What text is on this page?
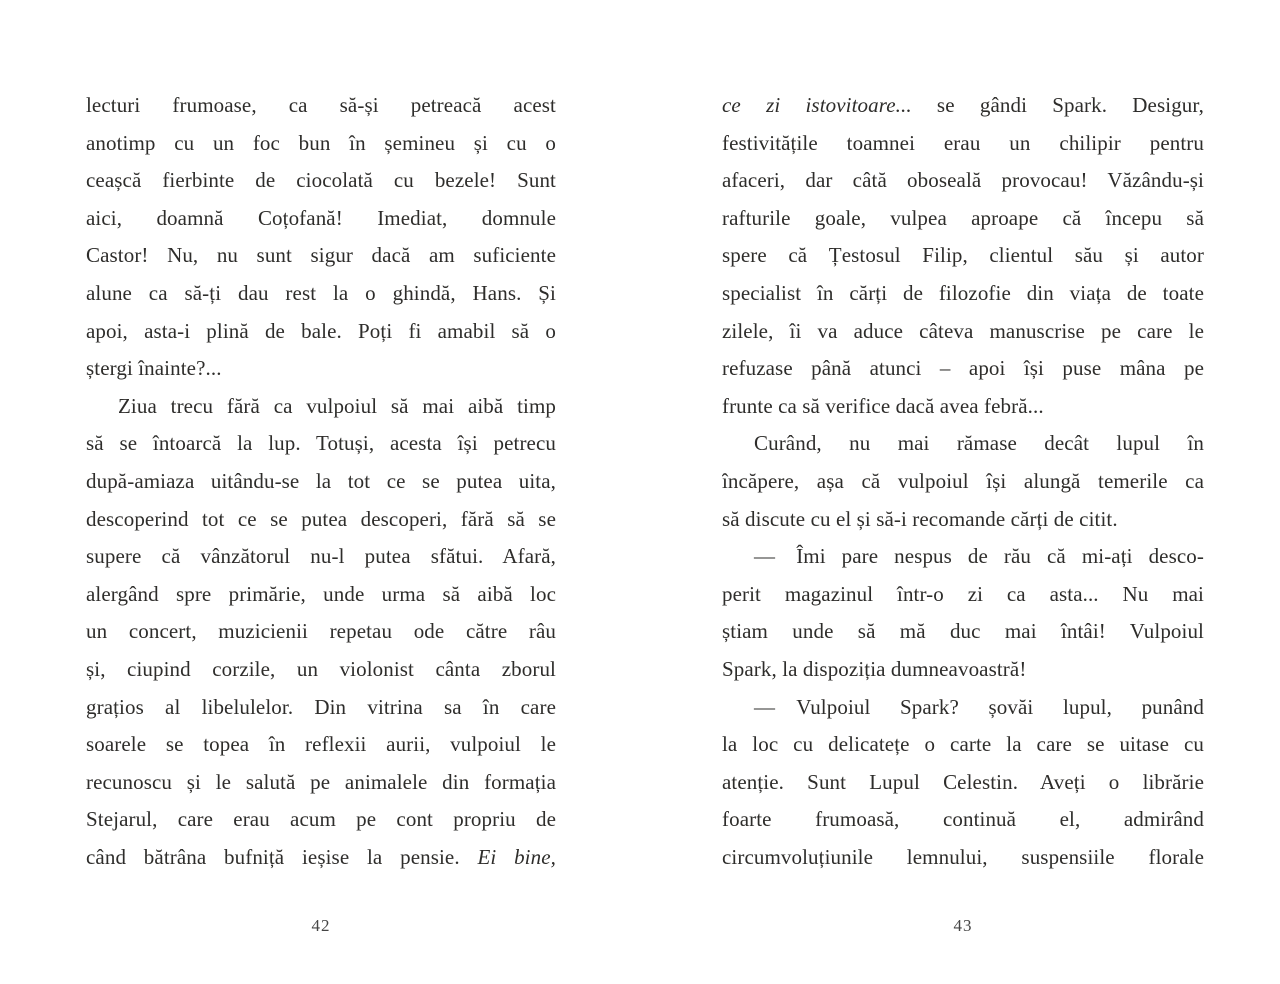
lecturi frumoase, ca să-și petreacă acest
anotimp cu un foc bun în șemineu și cu o
ceașcă fierbinte de ciocolată cu bezele! Sunt
aici, doamnă Coțofană! Imediat, domnule
Castor! Nu, nu sunt sigur dacă am suficiente
alune ca să-ți dau rest la o ghindă, Hans. Și
apoi, asta-i plină de bale. Poți fi amabil să o
ștergi înainte?...
Ziua trecu fără ca vulpoiul să mai aibă timp
să se întoarcă la lup. Totuși, acesta își petrecu
după-amiaza uitându-se la tot ce se putea uita,
descoperind tot ce se putea descoperi, fără să se
supere că vânzătorul nu-l putea sfătui. Afară,
alergând spre primărie, unde urma să aibă loc
un concert, muzicienii repetau ode către râu
și, ciupind corzile, un violonist cânta zborul
grațios al libelulelor. Din vitrina sa în care
soarele se topea în reflexii aurii, vulpoiul le
recunoscu și le salută pe animalele din formația
Stejarul, care erau acum pe cont propriu de
când bătrâna bufniță ieșise la pensie. Ei bine,
42
ce zi istovitoare... se gândi Spark. Desigur,
festivitățile toamnei erau un chilipir pentru
afaceri, dar câtă oboseală provocau! Văzându-și
rafturile goale, vulpea aproape că începu să
spere că Țestosul Filip, clientul său și autor
specialist în cărți de filozofie din viața de toate
zilele, îi va aduce câteva manuscrise pe care le
refuzase până atunci – apoi își puse mâna pe
frunte ca să verifice dacă avea febră...
Curând, nu mai rămase decât lupul în
încăpere, așa că vulpoiul își alungă temerile ca
să discute cu el și să-i recomande cărți de citit.
— Îmi pare nespus de rău că mi-ați desco-
perit magazinul într-o zi ca asta... Nu mai
știam unde să mă duc mai întâi! Vulpoiul
Spark, la dispoziția dumneavoastră!
— Vulpoiul Spark? șovăi lupul, punând
la loc cu delicatețe o carte la care se uitase cu
atenție. Sunt Lupul Celestin. Aveți o librărie
foarte frumoasă, continuă el, admirând
circumvoluțiunile lemnului, suspensiile florale
43
